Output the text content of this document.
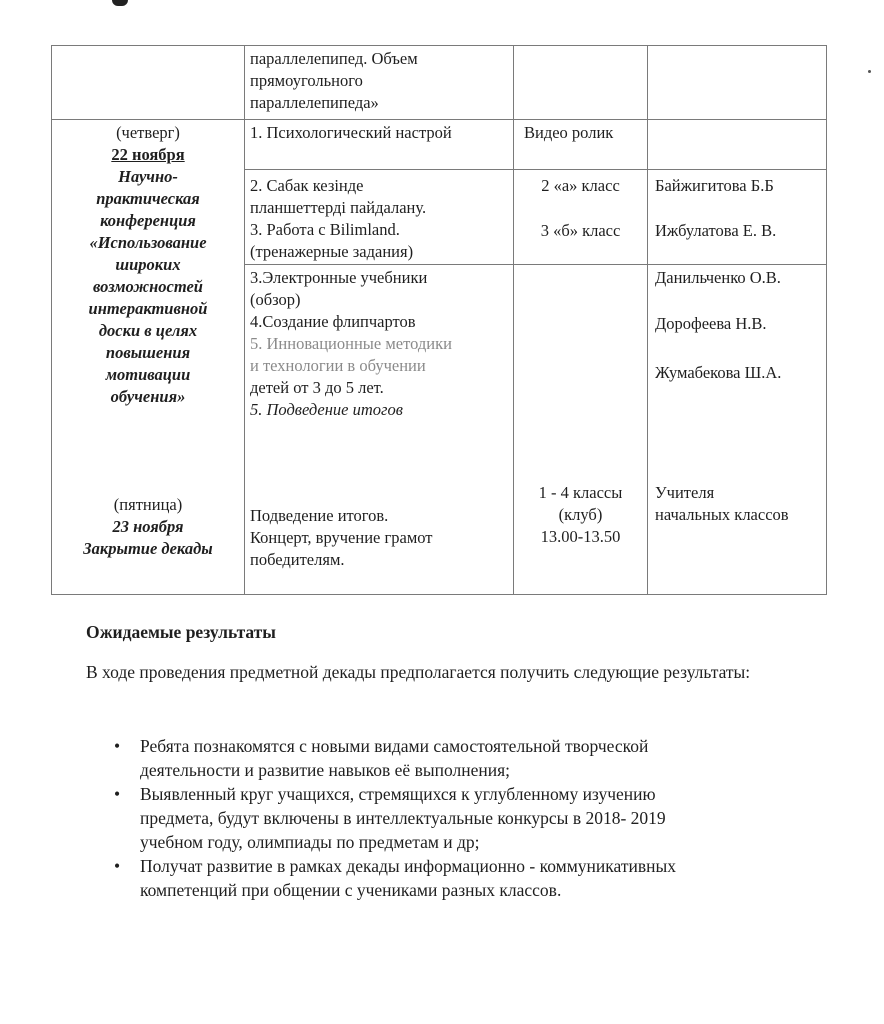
параллелепипед. Объем
прямоугольного
параллелепипеда»
(четверг)
22 ноября
Научно-
практическая
конференция
«Использование
широких
возможностей
интерактивной
доски в целях
повышения
мотивации
обучения»
1. Психологический настрой	Видео ролик
2. Сабак кезінде
планшеттерді пайдалану.
3. Работа с Bilimland.
(тренажерные задания)
2 «а» класс
3 «б» класс
Байжигитова Б.Б
Ижбулатова Е. В.
3.Электронные учебники
(обзор)
4.Создание флипчартов
5. Инновационные методики
и технологии в обучении
детей от 3 до 5 лет.
5. Подведение итогов
Данильченко О.В.
Дорофеева Н.В.
Жумабекова Ш.А.
(пятница)
23 ноября
Закрытие декады
Подведение итогов.
Концерт, вручение грамот
победителям.
1 - 4 классы
(клуб)
13.00-13.50
Учителя
начальных классов
Ожидаемые результаты
В ходе проведения предметной декады предполагается получить следующие результаты:
• Ребята познакомятся с новыми видами самостоятельной творческой
деятельности и развитие навыков её выполнения;
• Выявленный круг учащихся, стремящихся к углубленному изучению
предмета, будут включены в интеллектуальные конкурсы в 2018- 2019
учебном году, олимпиады по предметам и др;
• Получат развитие в рамках декады информационно - коммуникативных
компетенций при общении с учениками разных классов.
